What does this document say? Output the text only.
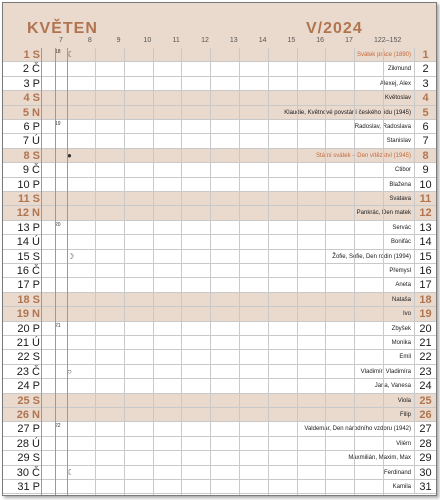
KVĚTEN	V/2024
122–152
7	8	9	10	11	12	13	14	15	16	17
1 S	18 ☾	Svátek práce (1890)	1
2 Č	Zikmund	2
3 P	Alexej, Alex	3
4 S	Květoslav	4
5 N	Klaudie, Květnové povstání českého lidu (1945)	5
6 P	19	Radoslav, Radoslava	6
7 Ú	Stanislav	7
8 S	●	Státní svátek – Den vítězství (1945)	8
9 Č	Ctibor	9
10 P	Blažena 10
11 S	Svatava 11
12 N	Pankrác, Den matek 12
13 P	20	Servác 13
14 Ú	Bonifác 14
15 S	☽	Žofie, Sofie, Den rodin (1994) 15
16 Č	Přemysl 16
17 P	Aneta 17
18 S	Nataša 18
19 N	Ivo 19
20 P	21	Zbyšek 20
21 Ú	Monika 21
22 S	Emil 22
23 Č	○	Vladimír, Vladimíra 23
24 P	Jana, Vanesa 24
25 S	Viola 25
26 N	Filip 26
27 P	22	Valdemar, Den národního vzdoru (1942) 27
28 Ú	Vilém 28
29 S	Maxmilián, Maxim, Max 29
30 Č	☾	Ferdinand 30
31 P	Kamila 31
